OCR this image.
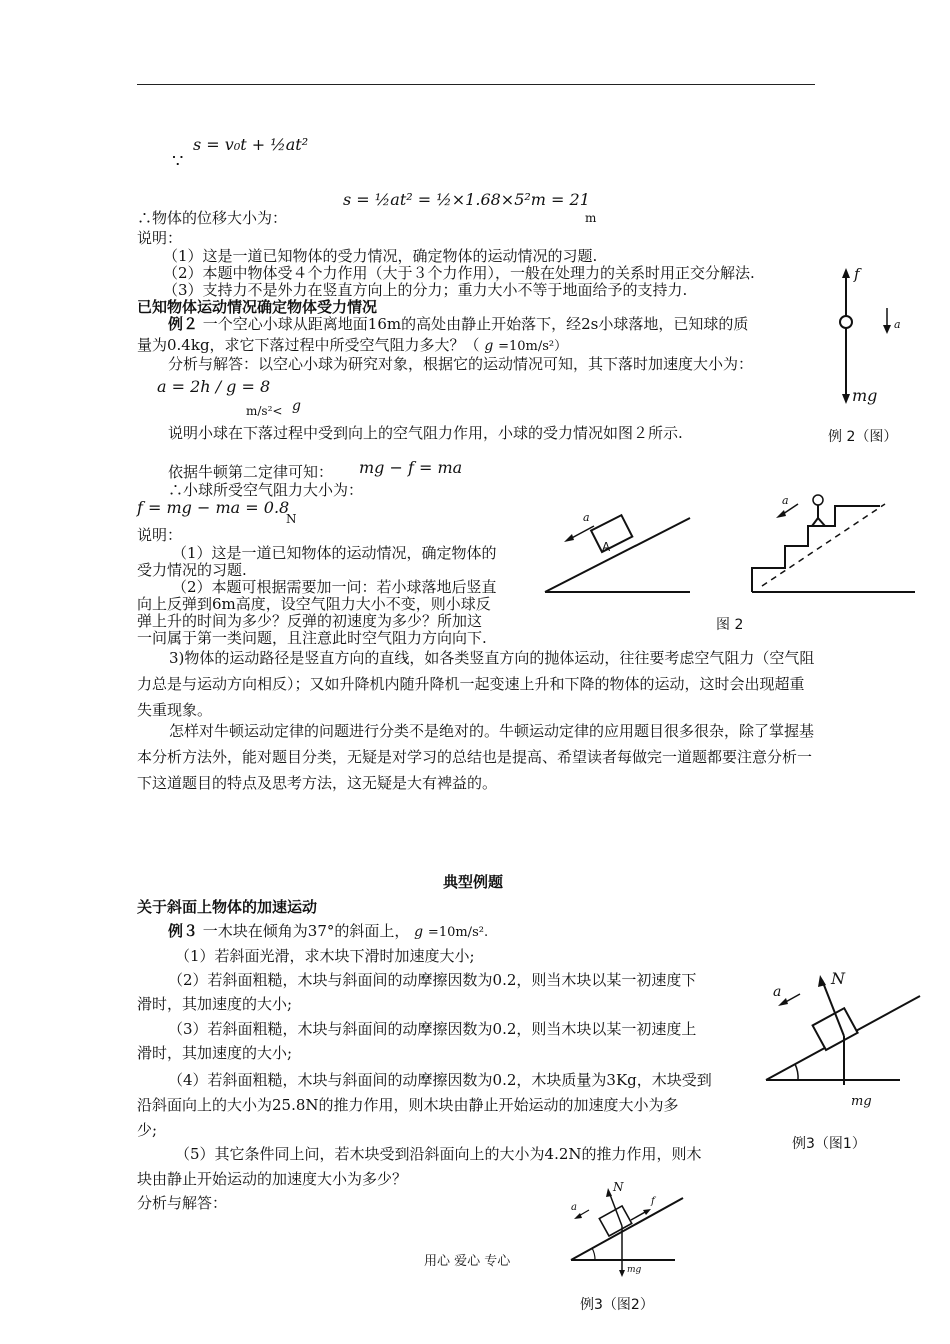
s = v₀t + ½at²
∵
∴物体的位移大小为：
s = ½at² = ½×1.68×5²m = 21
m
说明：
（1）这是一道已知物体的受力情况，确定物体的运动情况的习题.
（2）本题中物体受４个力作用（大于３个力作用），一般在处理力的关系时用正交分解法.
（3）支持力不是外力在竖直方向上的分力；重力大小不等于地面给予的支持力.
已知物体运动情况确定物体受力情况
例２ 一个空心小球从距离地面16m的高处由静止开始落下，经2s小球落地，已知球的质
量为0.4kg，求它下落过程中所受空气阻力多大？（ g =10m/s²）
分析与解答：以空心小球为研究对象，根据它的运动情况可知，其下落时加速度大小为：
a = 2h / g = 8
m/s²< g
说明小球在下落过程中受到向上的空气阻力作用，小球的受力情况如图２所示.
依据牛顿第二定律可知： mg − f = ma
∴小球所受空气阻力大小为：
f = mg − ma = 0.8
N
说明：
（1）这是一道已知物体的运动情况，确定物体的
受力情况的习题.
（2）本题可根据需要加一问：若小球落地后竖直
向上反弹到6m高度，设空气阻力大小不变，则小球反
弹上升的时间为多少？反弹的初速度为多少？所加这
一问属于第一类问题，且注意此时空气阻力方向向下.
3)物体的运动路径是竖直方向的直线，如各类竖直方向的抛体运动，往往要考虑空气阻力（空气阻力总是与运动方向相反）；又如升降机内随升降机一起变速上升和下降的物体的运动，这时会出现超重失重现象。
怎样对牛顿运动定律的问题进行分类不是绝对的。牛顿运动定律的应用题目很多很杂，除了掌握基本分析方法外，能对题目分类，无疑是对学习的总结也是提高、希望读者每做完一道题都要注意分析一下这道题目的特点及思考方法，这无疑是大有裨益的。
f
a
mg
例 2（图）
a
A
a
图 2
典型例题
关于斜面上物体的加速运动
例３ 一木块在倾角为37°的斜面上， g =10m/s².
（1）若斜面光滑，求木块下滑时加速度大小;
（2）若斜面粗糙，木块与斜面间的动摩擦因数为0.2，则当木块以某一初速度下
滑时，其加速度的大小;
（3）若斜面粗糙，木块与斜面间的动摩擦因数为0.2，则当木块以某一初速度上
滑时，其加速度的大小;
（4）若斜面粗糙，木块与斜面间的动摩擦因数为0.2，木块质量为3Kg，木块受到
沿斜面向上的大小为25.8N的推力作用，则木块由静止开始运动的加速度大小为多
少;
（5）其它条件同上问，若木块受到沿斜面向上的大小为4.2N的推力作用，则木
块由静止开始运动的加速度大小为多少？
分析与解答：
N
a
mg
例3（图1）
N
f
a
mg
例3（图2）
用心 爱心 专心
